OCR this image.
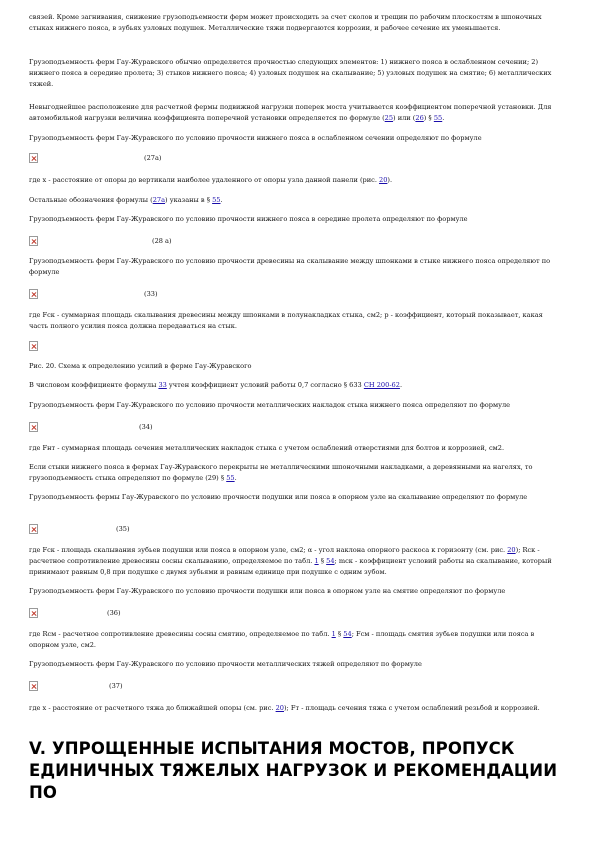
связей. Кроме загнивания, снижение грузоподъемности ферм может происходить за счет сколов и трещин по рабочим плоскостям в шпоночных стыках нижнего пояса, в зубьях узловых подушек. Металлические тяжи подвергаются коррозии, и рабочее сечение их уменьшается.

Грузоподъемность ферм Гау-Журавского обычно определяется прочностью следующих элементов: 1) нижнего пояса в ослабленном сечении; 2) нижнего пояса в середине пролета; 3) стыков нижнего пояса; 4) узловых подушек на скалывание; 5) узловых подушек на смятие; 6) металлических тяжей.

Невыгоднейшее расположение для расчетной фермы подвижной нагрузки поперек моста учитывается коэффициентом поперечной установки. Для автомобильной нагрузки величина коэффициента поперечной установки определяется по формуле (25) или (26) § 55.

Грузоподъемность ферм Гау-Журавского по условию прочности нижнего пояса в ослабленном сечении определяют по формуле

(27а)

где x - расстояние от опоры до вертикали наиболее удаленного от опоры узла данной панели (рис. 20).

Остальные обозначения формулы (27а) указаны в § 55.

Грузоподъемность ферм Гау-Журавского по условию прочности нижнего пояса в середине пролета определяют по формуле

(28 а)

Грузоподъемность ферм Гау-Журавского по условию прочности древесины на скалывание между шпонками в стыке нижнего пояса определяют по формуле

(33)

где Fск - суммарная площадь скалывания древесины между шпонками в полунакладках стыка, см2; p - коэффициент, который показывает, какая часть полного усилия пояса должна передаваться на стык.

Рис. 20. Схема к определению усилий в ферме Гау-Журавского

В числовом коэффициенте формулы 33 учтен коэффициент условий работы 0,7 согласно § 633 СН 200-62.

Грузоподъемность ферм Гау-Журавского по условию прочности металлических накладок стыка нижнего пояса определяют по формуле

(34)

где Fнт - суммарная площадь сечения металлических накладок стыка с учетом ослаблений отверстиями для болтов и коррозией, см2.

Если стыки нижнего пояса в фермах Гау-Журавского перекрыты не металлическими шпоночными накладками, а деревянными на нагелях, то грузоподъемность стыка определяют по формуле (29) § 55.

Грузоподъемность фермы Гау-Журавского по условию прочности подушки или пояса в опорном узле на скалывание определяют по формуле

(35)

где Fск - площадь скалывания зубьев подушки или пояса в опорном узле, см2; α - угол наклона опорного раскоса к горизонту (см. рис. 20); Rск - расчетное сопротивление древесины сосны скалыванию, определяемое по табл. 1 § 54; mск - коэффициент условий работы на скалывание, который принимают равным 0,8 при подушке с двумя зубьями и равным единице при подушке с одним зубом.

Грузоподъемность ферм Гау-Журавского по условию прочности подушки или пояса в опорном узле на смятие определяют по формуле

(36)

где Rсм - расчетное сопротивление древесины сосны смятию, определяемое по табл. 1 § 54; Fсм - площадь смятия зубьев подушки или пояса в опорном узле, см2.

Грузоподъемность ферм Гау-Журавского по условию прочности металлических тяжей определяют по формуле

(37)

где x - расстояние от расчетного тяжа до ближайшей опоры (см. рис. 20); Fт - площадь сечения тяжа с учетом ослаблений резьбой и коррозией.

V. УПРОЩЕННЫЕ ИСПЫТАНИЯ МОСТОВ, ПРОПУСК ЕДИНИЧНЫХ ТЯЖЕЛЫХ НАГРУЗОК И РЕКОМЕНДАЦИИ ПО
